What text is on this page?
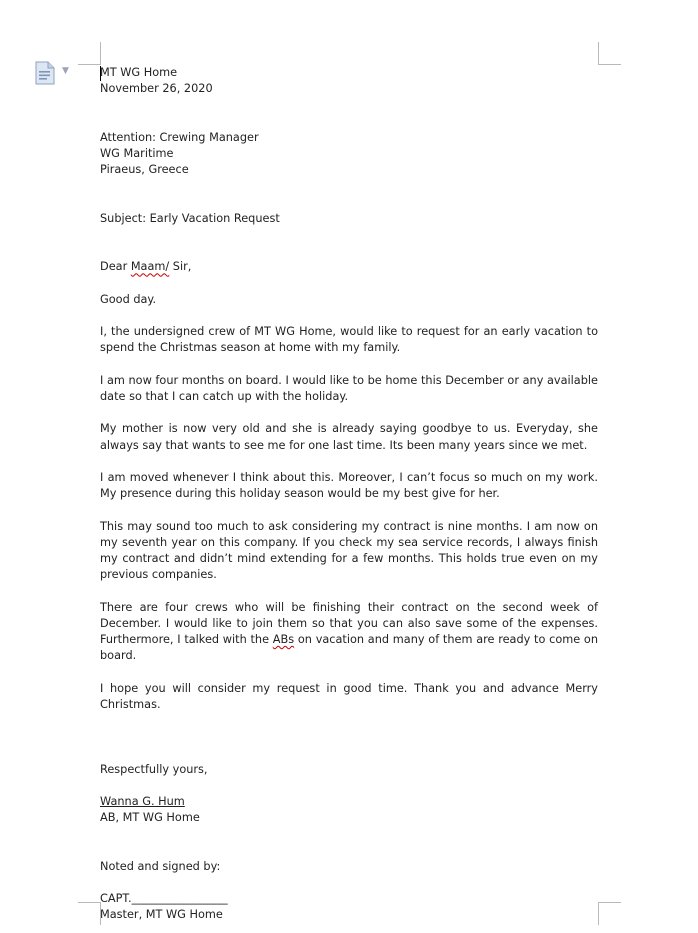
▼	MT WG Home

November 26, 2020

Attention: Crewing Manager

WG Maritime

Piraeus, Greece

Subject: Early Vacation Request

Dear Maam/ Sir,

Good day.

I, the undersigned crew of MT WG Home, would like to request for an early vacation to spend the Christmas season at home with my family.

I am now four months on board. I would like to be home this December or any available date so that I can catch up with the holiday.

My mother is now very old and she is already saying goodbye to us. Everyday, she always say that wants to see me for one last time. Its been many years since we met.

I am moved whenever I think about this. Moreover, I can’t focus so much on my work. My presence during this holiday season would be my best give for her.

This may sound too much to ask considering my contract is nine months. I am now on my seventh year on this company. If you check my sea service records, I always finish my contract and didn’t mind extending for a few months. This holds true even on my previous companies.

There are four crews who will be finishing their contract on the second week of December. I would like to join them so that you can also save some of the expenses. Furthermore, I talked with the ABs on vacation and many of them are ready to come on board.

I hope you will consider my request in good time. Thank you and advance Merry Christmas.

Respectfully yours,

Wanna G. Hum

AB, MT WG Home

Noted and signed by:

CAPT._________________

Master, MT WG Home
